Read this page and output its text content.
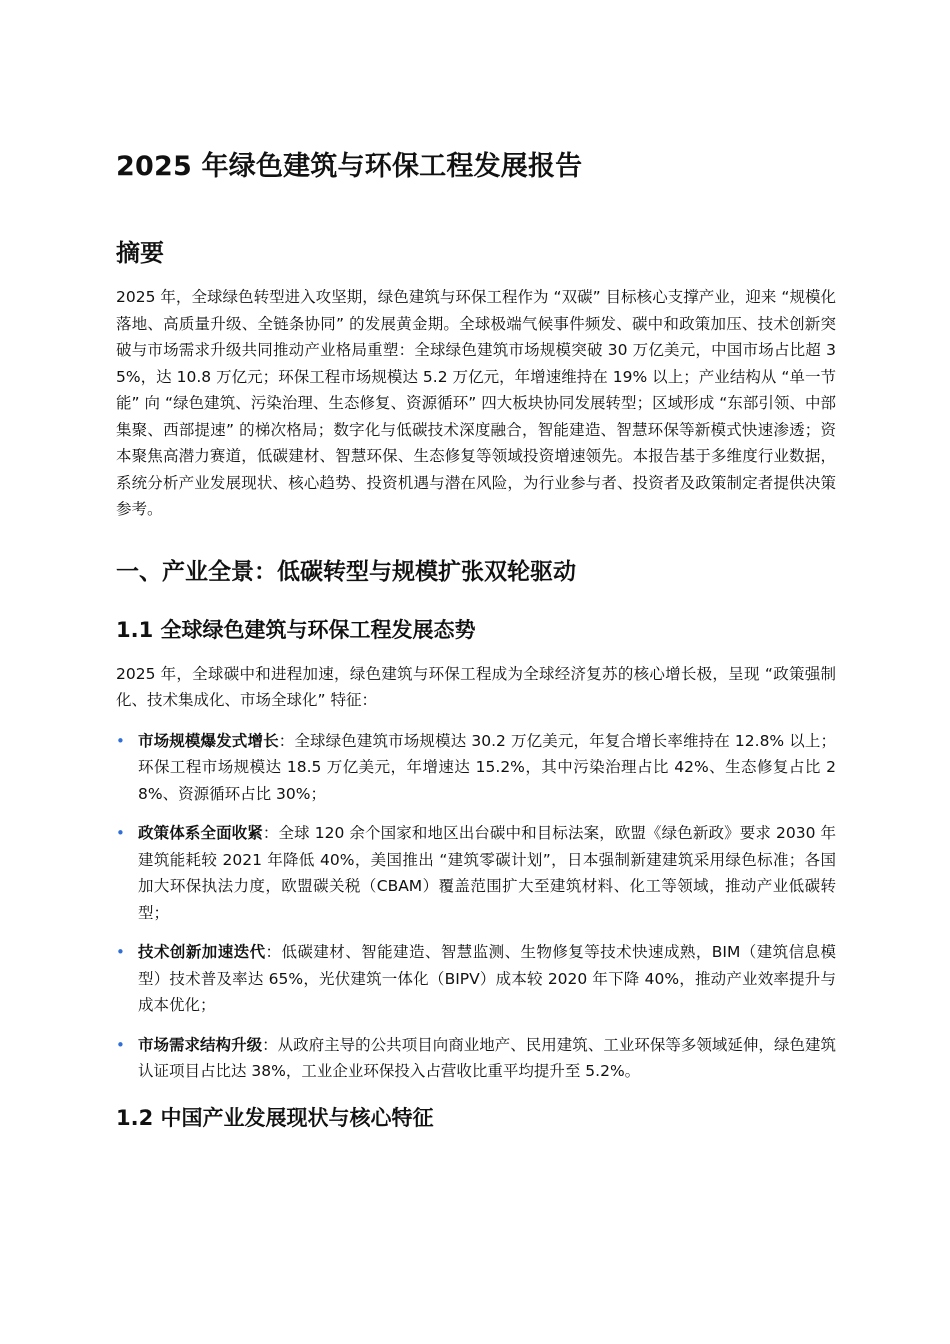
2025 年绿色建筑与环保工程发展报告
摘要

2025 年，全球绿色转型进入攻坚期，绿色建筑与环保工程作为 “双碳” 目标核心支撑产业，迎来 “规模化落地、高质量升级、全链条协同” 的发展黄金期。全球极端气候事件频发、碳中和政策加压、技术创新突破与市场需求升级共同推动产业格局重塑：全球绿色建筑市场规模突破 30 万亿美元，中国市场占比超 35%，达 10.8 万亿元；环保工程市场规模达 5.2 万亿元，年增速维持在 19% 以上；产业结构从 “单一节能” 向 “绿色建筑、污染治理、生态修复、资源循环” 四大板块协同发展转型；区域形成 “东部引领、中部集聚、西部提速” 的梯次格局；数字化与低碳技术深度融合，智能建造、智慧环保等新模式快速渗透；资本聚焦高潜力赛道，低碳建材、智慧环保、生态修复等领域投资增速领先。本报告基于多维度行业数据，系统分析产业发展现状、核心趋势、投资机遇与潜在风险，为行业参与者、投资者及政策制定者提供决策参考。

一、产业全景：低碳转型与规模扩张双轮驱动
1.1 全球绿色建筑与环保工程发展态势

2025 年，全球碳中和进程加速，绿色建筑与环保工程成为全球经济复苏的核心增长极，呈现 “政策强制化、技术集成化、市场全球化” 特征：

• 市场规模爆发式增长：全球绿色建筑市场规模达 30.2 万亿美元，年复合增长率维持在 12.8% 以上；环保工程市场规模达 18.5 万亿美元，年增速达 15.2%，其中污染治理占比 42%、生态修复占比 28%、资源循环占比 30%；
• 政策体系全面收紧：全球 120 余个国家和地区出台碳中和目标法案，欧盟《绿色新政》要求 2030 年建筑能耗较 2021 年降低 40%，美国推出 “建筑零碳计划”，日本强制新建建筑采用绿色标准；各国加大环保执法力度，欧盟碳关税（CBAM）覆盖范围扩大至建筑材料、化工等领域，推动产业低碳转型；
• 技术创新加速迭代：低碳建材、智能建造、智慧监测、生物修复等技术快速成熟，BIM（建筑信息模型）技术普及率达 65%，光伏建筑一体化（BIPV）成本较 2020 年下降 40%，推动产业效率提升与成本优化；
• 市场需求结构升级：从政府主导的公共项目向商业地产、民用建筑、工业环保等多领域延伸，绿色建筑认证项目占比达 38%，工业企业环保投入占营收比重平均提升至 5.2%。
1.2 中国产业发展现状与核心特征
